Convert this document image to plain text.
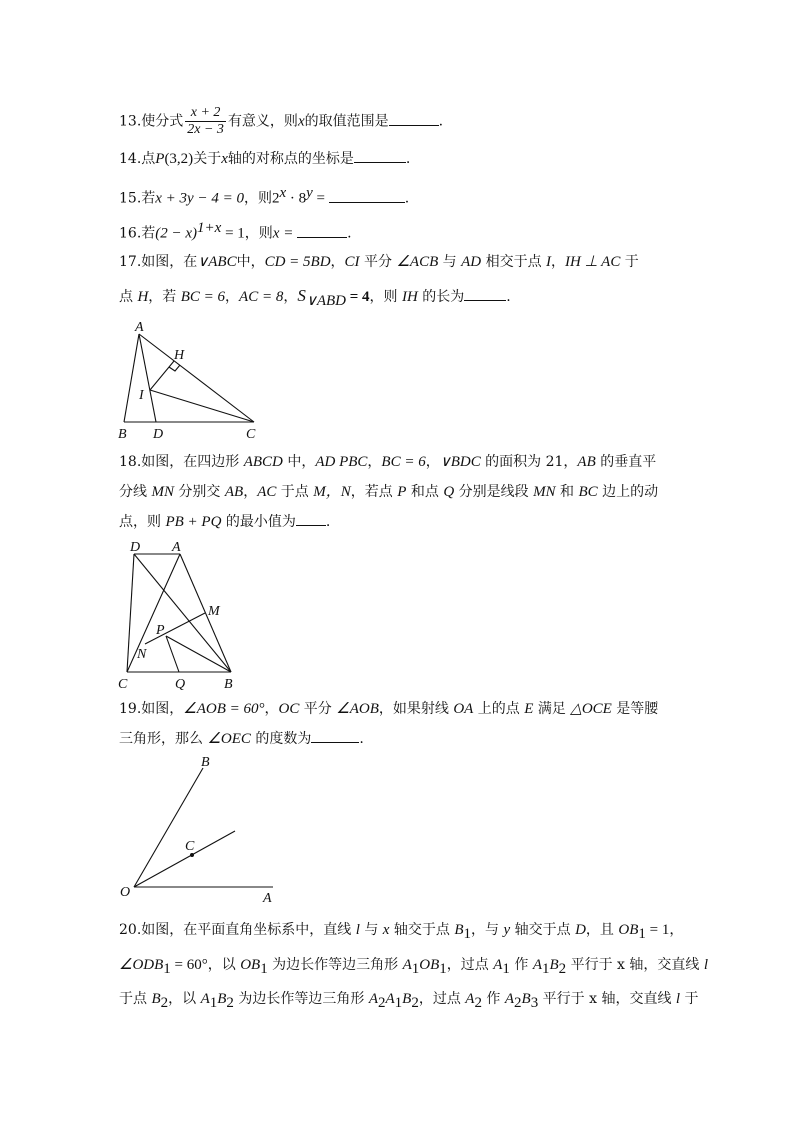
13.使分式 $\frac{x + 2}{2x - 3}$ 有意义，则x的取值范围是	.
14.点P(3,2)关于x轴的对称点的坐标是	.
15.若x + 3y − 4 = 0，则$2^x \cdot 8^y$ =	.
16.若$(2 - x)^{1+x} = 1$，则x =	.
17.如图，在∨ABC中，CD = 5BD，CI 平分 ∠ACB 与 AD 相交于点 I，IH ⊥ AC 于
点 H，若 BC = 6，AC = 8，$S_{\vee ABD} = 4$，则 IH 的长为	.
A
B D	C
H
I
18.如图，在四边形 ABCD 中，AD PBC，BC = 6，∨BDC 的面积为 21，AB 的垂直平
分线 MN 分别交 AB，AC 于点 M，N，若点 P 和点 Q 分别是线段 MN 和 BC 边上的动
点，则 PB + PQ 的最小值为 .
D A
M
P
N
C	Q	B
19.如图，∠AOB = 60°，OC 平分 ∠AOB，如果射线 OA 上的点 E 满足 △OCE 是等腰
三角形，那么 ∠OEC 的度数为	.
B
C
O	A
20.如图，在平面直角坐标系中，直线 l 与 x 轴交于点 $B_1$，与 y 轴交于点 D，且 $OB_1 = 1$，
$\angle ODB_1 = 60^\circ$，以 $OB_1$ 为边长作等边三角形 $A_1OB_1$，过点 $A_1$ 作 $A_1B_2$ 平行于 x 轴，交直线 l
于点 $B_2$，以 $A_1B_2$ 为边长作等边三角形 $A_2A_1B_2$，过点 $A_2$ 作 $A_2B_3$ 平行于 x 轴，交直线 l 于
